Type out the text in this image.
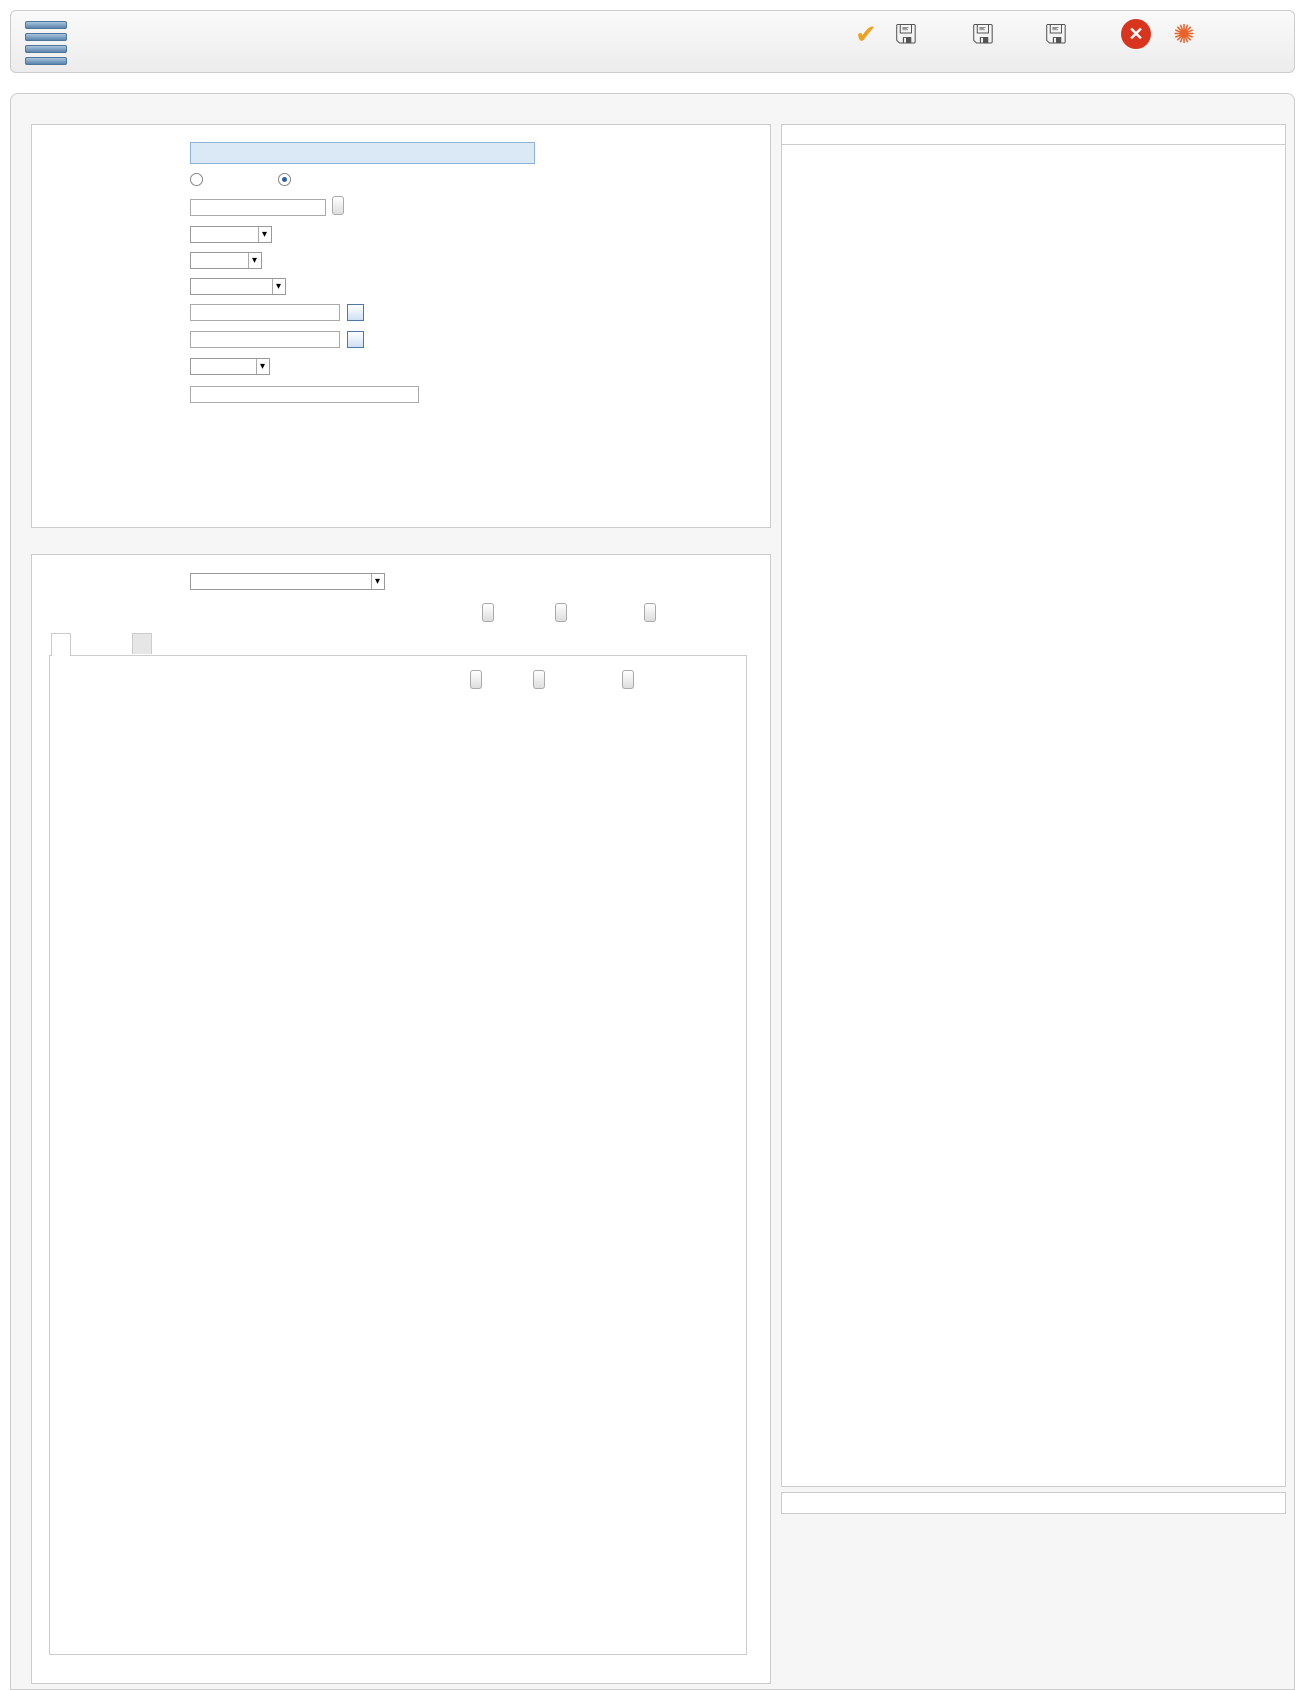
✔ 🖫 🖫 🖫	✕ ✺
▾
▾
▾
▾
▾
